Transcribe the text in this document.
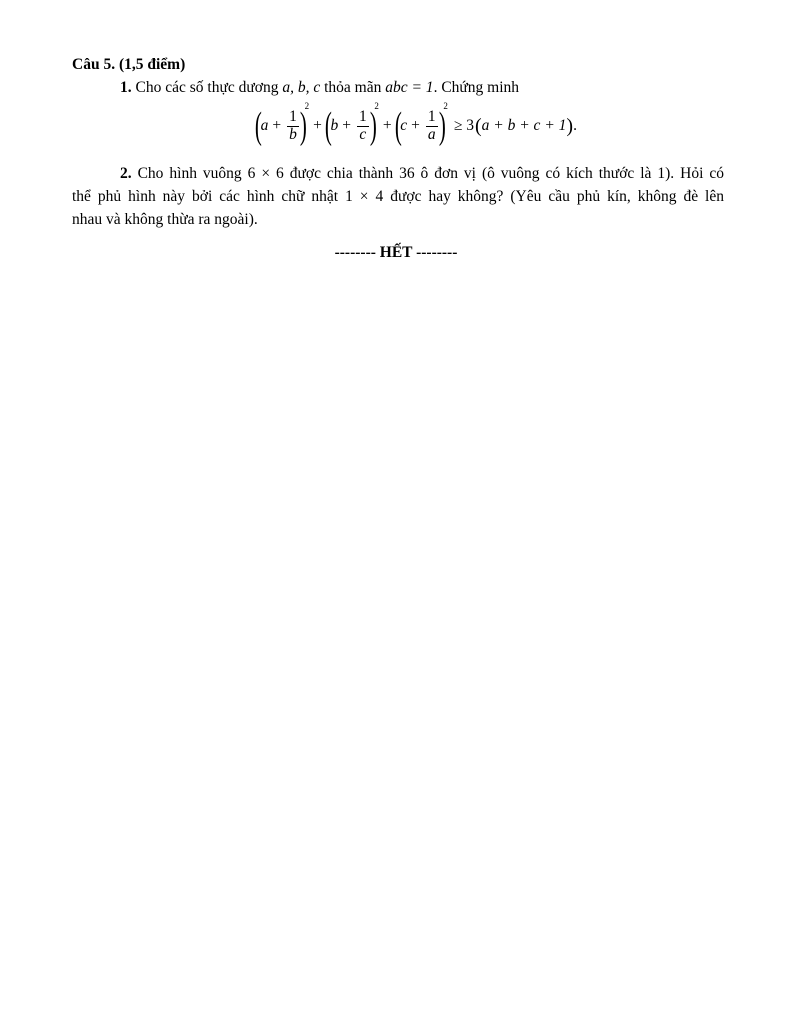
Câu 5. (1,5 điểm)
1. Cho các số thực dương a, b, c thỏa mãn abc = 1. Chứng minh
(
$a + \frac{1}{b}$ )
2
+ (
$b + \frac{1}{c}$ )
2
+ (
$c + \frac{1}{a}$ )
2
≥ 3 ( a + b + c + 1 ) .
2. Cho hình vuông 6 × 6 được chia thành 36 ô đơn vị (ô vuông có kích thước là 1). Hỏi có
thể phủ hình này bởi các hình chữ nhật 1 × 4 được hay không? (Yêu cầu phủ kín, không đè lên
nhau và không thừa ra ngoài).
-------- HẾT --------
